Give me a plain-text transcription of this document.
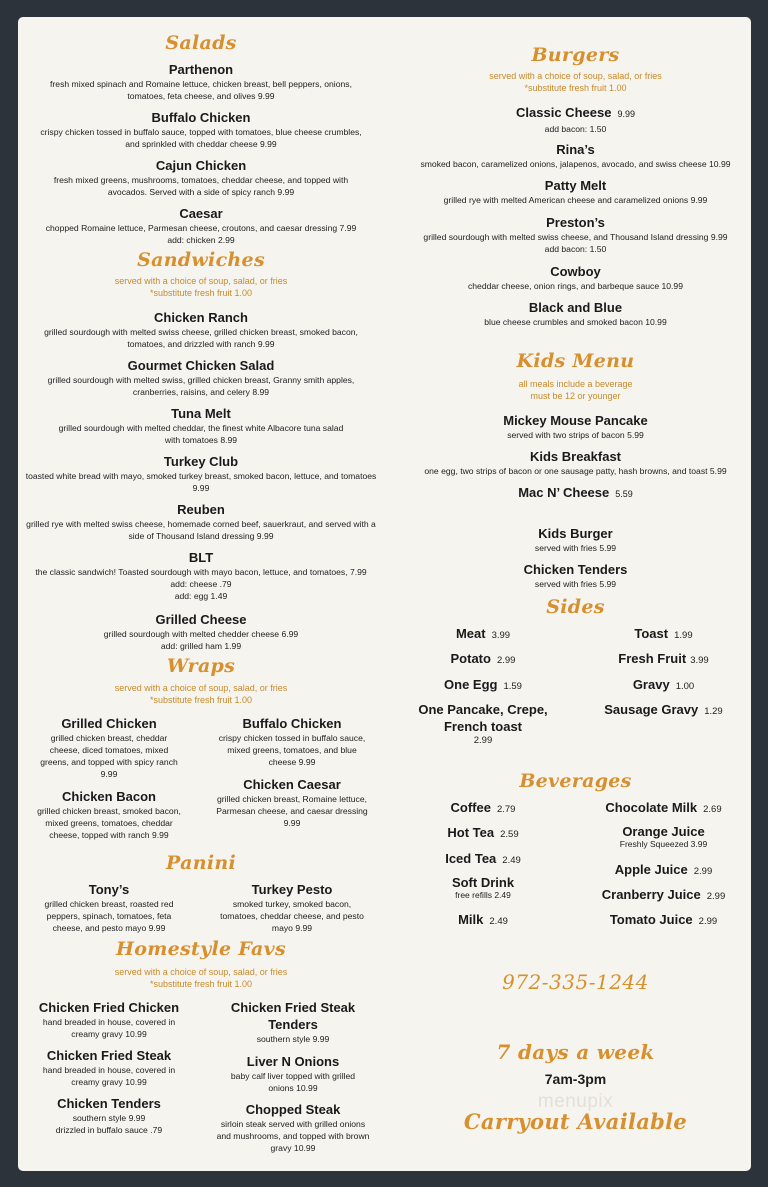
Salads
Parthenon
fresh mixed spinach and Romaine lettuce, chicken breast, bell peppers, onions, tomatoes, feta cheese, and olives 9.99
Buffalo Chicken
crispy chicken tossed in buffalo sauce, topped with tomatoes, blue cheese crumbles, and sprinkled with cheddar cheese 9.99
Cajun Chicken
fresh mixed greens, mushrooms, tomatoes, cheddar cheese, and topped with avocados. Served with a side of spicy ranch 9.99
Caesar
chopped Romaine lettuce, Parmesan cheese, croutons, and caesar dressing 7.99
add: chicken 2.99
Sandwiches
served with a choice of soup, salad, or fries
*substitute fresh fruit 1.00
Chicken Ranch
grilled sourdough with melted swiss cheese, grilled chicken breast, smoked bacon, tomatoes, and drizzled with ranch 9.99
Gourmet Chicken Salad
grilled sourdough with melted swiss, grilled chicken breast, Granny smith apples, cranberries, raisins, and celery 8.99
Tuna Melt
grilled sourdough with melted cheddar, the finest white Albacore tuna salad with tomatoes 8.99
Turkey Club
toasted white bread with mayo, smoked turkey breast, smoked bacon, lettuce, and tomatoes 9.99
Reuben
grilled rye with melted swiss cheese, homemade corned beef, sauerkraut, and served with a side of Thousand Island dressing 9.99
BLT
the classic sandwich! Toasted sourdough with mayo bacon, lettuce, and tomatoes, 7.99
add: cheese .79
add: egg 1.49
Grilled Cheese
grilled sourdough with melted chedder cheese 6.99
add: grilled ham 1.99
Wraps
served with a choice of soup, salad, or fries
*substitute fresh fruit 1.00
Grilled Chicken
grilled chicken breast, cheddar cheese, diced tomatoes, mixed greens, and topped with spicy ranch 9.99
Buffalo Chicken
crispy chicken tossed in buffalo sauce, mixed greens, tomatoes, and blue cheese 9.99
Chicken Bacon
grilled chicken breast, smoked bacon, mixed greens, tomatoes, cheddar cheese, topped with ranch 9.99
Chicken Caesar
grilled chicken breast, Romaine lettuce, Parmesan cheese, and caesar dressing 9.99
Panini
Tony’s
grilled chicken breast, roasted red peppers, spinach, tomatoes, feta cheese, and pesto mayo 9.99
Turkey Pesto
smoked turkey, smoked bacon, tomatoes, cheddar cheese, and pesto mayo 9.99
Homestyle Favs
served with a choice of soup, salad, or fries
*substitute fresh fruit 1.00
Chicken Fried Chicken
hand breaded in house, covered in creamy gravy 10.99
Chicken Fried Steak Tenders
southern style 9.99
Chicken Fried Steak
hand breaded in house, covered in creamy gravy 10.99
Liver N Onions
baby calf liver topped with grilled onions 10.99
Chicken Tenders
southern style 9.99
drizzled in buffalo sauce .79
Chopped Steak
sirloin steak served with grilled onions and mushrooms, and topped with brown gravy 10.99
Burgers
served with a choice of soup, salad, or fries
*substitute fresh fruit 1.00
Classic Cheese 9.99
add bacon: 1.50
Rina’s
smoked bacon, caramelized onions, jalapenos, avocado, and swiss cheese 10.99
Patty Melt
grilled rye with melted American cheese and caramelized onions 9.99
Preston’s
grilled sourdough with melted swiss cheese, and Thousand Island dressing 9.99
add bacon: 1.50
Cowboy
cheddar cheese, onion rings, and barbeque sauce 10.99
Black and Blue
blue cheese crumbles and smoked bacon 10.99
Kids Menu
all meals include a beverage
must be 12 or younger
Mickey Mouse Pancake
served with two strips of bacon 5.99
Kids Breakfast
one egg, two strips of bacon or one sausage patty, hash browns, and toast 5.99
Mac N’ Cheese 5.59
Kids Burger
served with fries 5.99
Chicken Tenders
served with fries 5.99
Sides
Meat 3.99
Potato 2.99
One Egg 1.59
One Pancake, Crepe, French toast
2.99
Toast 1.99
Fresh Fruit 3.99
Gravy 1.00
Sausage Gravy 1.29
Beverages
Coffee 2.79
Hot Tea 2.59
Iced Tea 2.49
Soft Drink
free refills 2.49
Milk 2.49
Chocolate Milk 2.69
Orange Juice
Freshly Squeezed 3.99
Apple Juice 2.99
Cranberry Juice 2.99
Tomato Juice 2.99
972-335-1244
7 days a week
7am-3pm
menupix
Carryout Available
